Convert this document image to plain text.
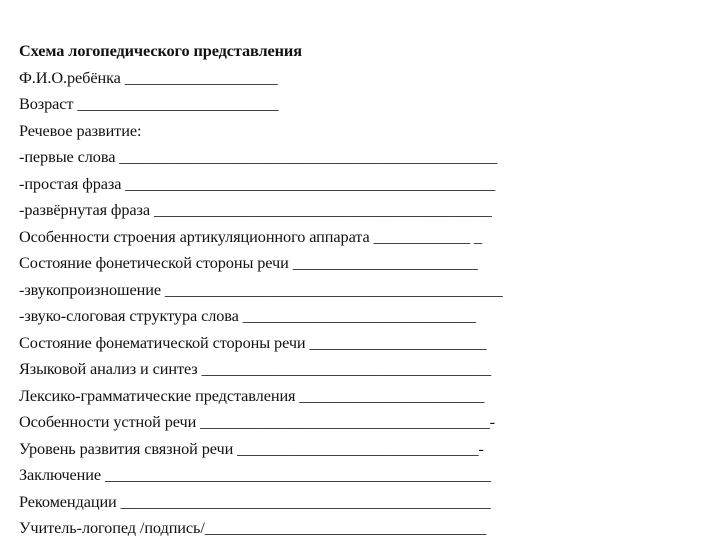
Схема логопедического представления
Ф.И.О.ребёнка ___________________
Возраст _________________________
Речевое развитие:
-первые слова _______________________________________________
-простая фраза ______________________________________________
-развёрнутая фраза __________________________________________
Особенности строения артикуляционного аппарата ____________ _
Состояние фонетической стороны речи _______________________
-звукопроизношение __________________________________________
-звуко-слоговая структура слова _____________________________
Состояние фонематической стороны речи ______________________
Языковой анализ и синтез ____________________________________
Лексико-грамматические представления _______________________
Особенности устной речи ____________________________________-
Уровень развития связной речи ______________________________-
Заключение ________________________________________________
Рекомендации ______________________________________________
Учитель-логопед /подпись/___________________________________
